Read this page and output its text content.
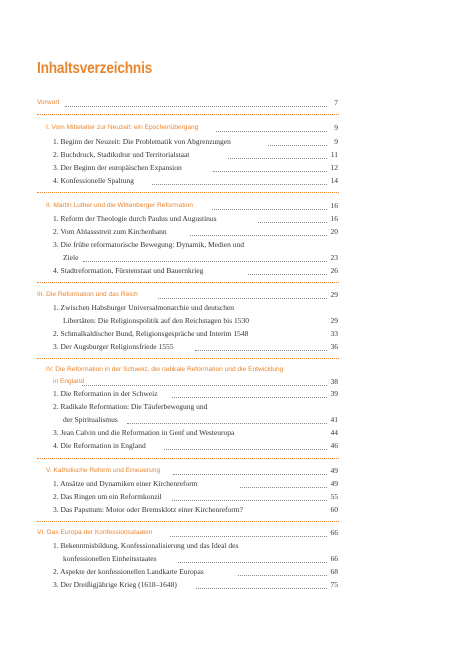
Inhaltsverzeichnis
Vorwort	7
I. Vom Mittelalter zur Neuzeit: ein Epochenübergang	9
1. Beginn der Neuzeit: Die Problematik von Abgrenzungen	9
2. Buchdruck, Stadtkultur und Territorialstaat	11
3. Der Beginn der europäischen Expansion	12
4. Konfessionelle Spaltung	14
II. Martin Luther und die Wittenberger Reformation	16
1. Reform der Theologie durch Paulus und Augustinus	16
2. Vom Ablassstreit zum Kirchenbann	20
3. Die frühe reformatorische Bewegung: Dynamik, Medien und
Ziele	23
4. Stadtreformation, Fürstenstaat und Bauernkrieg	26
III. Die Reformation und das Reich	29
1. Zwischen Habsburger Universalmonarchie und deutschen
Libertäten: Die Religionspolitik auf den Reichstagen bis 1530	29
2. Schmalkaldischer Bund, Religionsgespräche und Interim 1548	33
3. Der Augsburger Religionsfriede 1555	36
IV. Die Reformation in der Schweiz, die radikale Reformation und die Entwicklung
in England	38
1. Die Reformation in der Schweiz	39
2. Radikale Reformation: Die Täuferbewegung und
der Spiritualismus	41
3. Jean Calvin und die Reformation in Genf und Westeuropa	44
4. Die Reformation in England	46
V. Katholische Reform und Erneuerung	49
1. Ansätze und Dynamiken einer Kirchenreform	49
2. Das Ringen um ein Reformkonzil	55
3. Das Papsttum: Motor oder Bremsklotz einer Kirchenreform?	60
VI. Das Europa der Konfessionsstaaten	66
1. Bekenntnisbildung, Konfessionalisierung und das Ideal des
konfessionellen Einheitsstaates	66
2. Aspekte der konfessionellen Landkarte Europas	68
3. Der Dreißigjährige Krieg (1618–1648)	75
